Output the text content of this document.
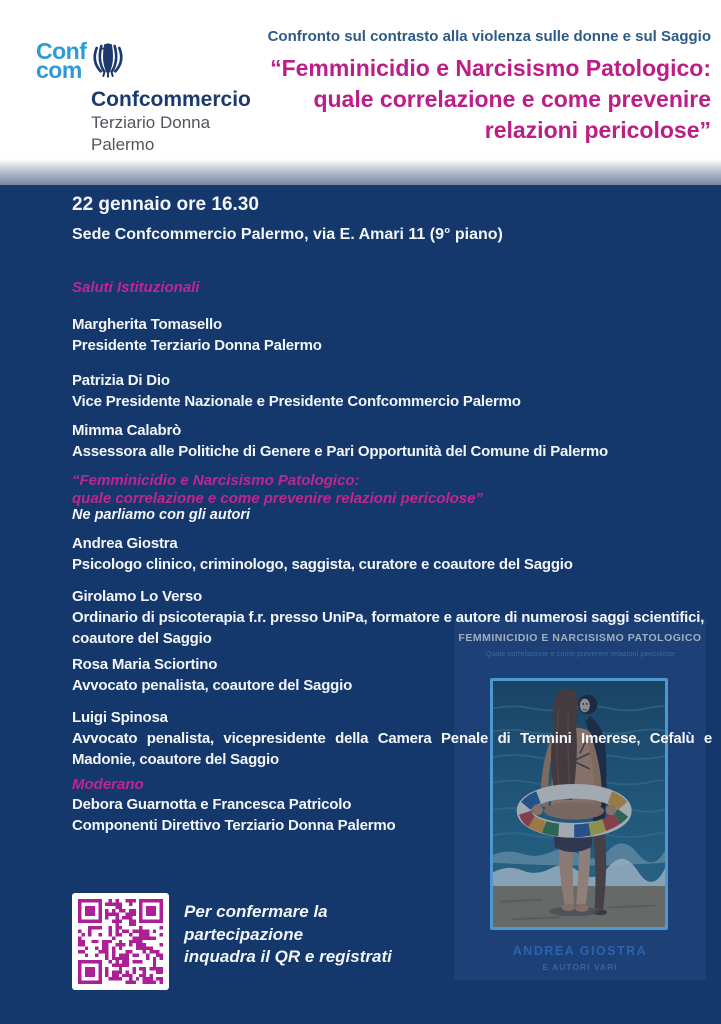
Conf
com
Confcommercio
Terziario Donna
Palermo
Confronto sul contrasto alla violenza sulle donne e sul Saggio
“Femminicidio e Narcisismo Patologico:
quale correlazione e come prevenire
relazioni pericolose”
FEMMINICIDIO E NARCISISMO PATOLOGICO
Quale correlazione e come prevenire relazioni pericolose
ANDREA GIOSTRA
E AUTORI VARI
22 gennaio ore 16.30
Sede Confcommercio Palermo, via E. Amari 11 (9° piano)
Saluti Istituzionali
Margherita Tomasello
Presidente Terziario Donna Palermo
Patrizia Di Dio
Vice Presidente Nazionale e Presidente Confcommercio Palermo
Mimma Calabrò
Assessora alle Politiche di Genere e Pari Opportunità del Comune di Palermo
“Femminicidio e Narcisismo Patologico:
quale correlazione e come prevenire relazioni pericolose”
Ne parliamo con gli autori
Andrea Giostra
Psicologo clinico, criminologo, saggista, curatore e coautore del Saggio
Girolamo Lo Verso
Ordinario di psicoterapia f.r. presso UniPa, formatore e autore di numerosi saggi scientifici, coautore del Saggio
Rosa Maria Sciortino
Avvocato penalista, coautore del Saggio
Luigi Spinosa
Avvocato penalista, vicepresidente della Camera Penale di Termini Imerese, Cefalù e Madonie, coautore del Saggio
Moderano
Debora Guarnotta e Francesca Patricolo
Componenti Direttivo Terziario Donna Palermo
Per confermare la
partecipazione
inquadra il QR e registrati
